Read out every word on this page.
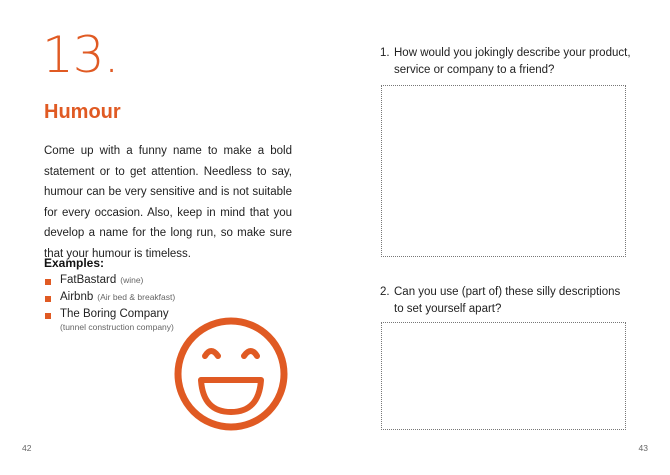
13.
Humour
Come up with a funny name to make a bold statement or to get attention. Needless to say, humour can be very sensitive and is not suitable for every occasion. Also, keep in mind that you develop a name for the long run, so make sure that your humour is timeless.
Examples:
FatBastard (wine)
Airbnb (Air bed & breakfast)
The Boring Company
(tunnel construction company)
42
1. How would you jokingly describe your product, service or company to a friend?
2. Can you use (part of) these silly descriptions to set yourself apart?
43
